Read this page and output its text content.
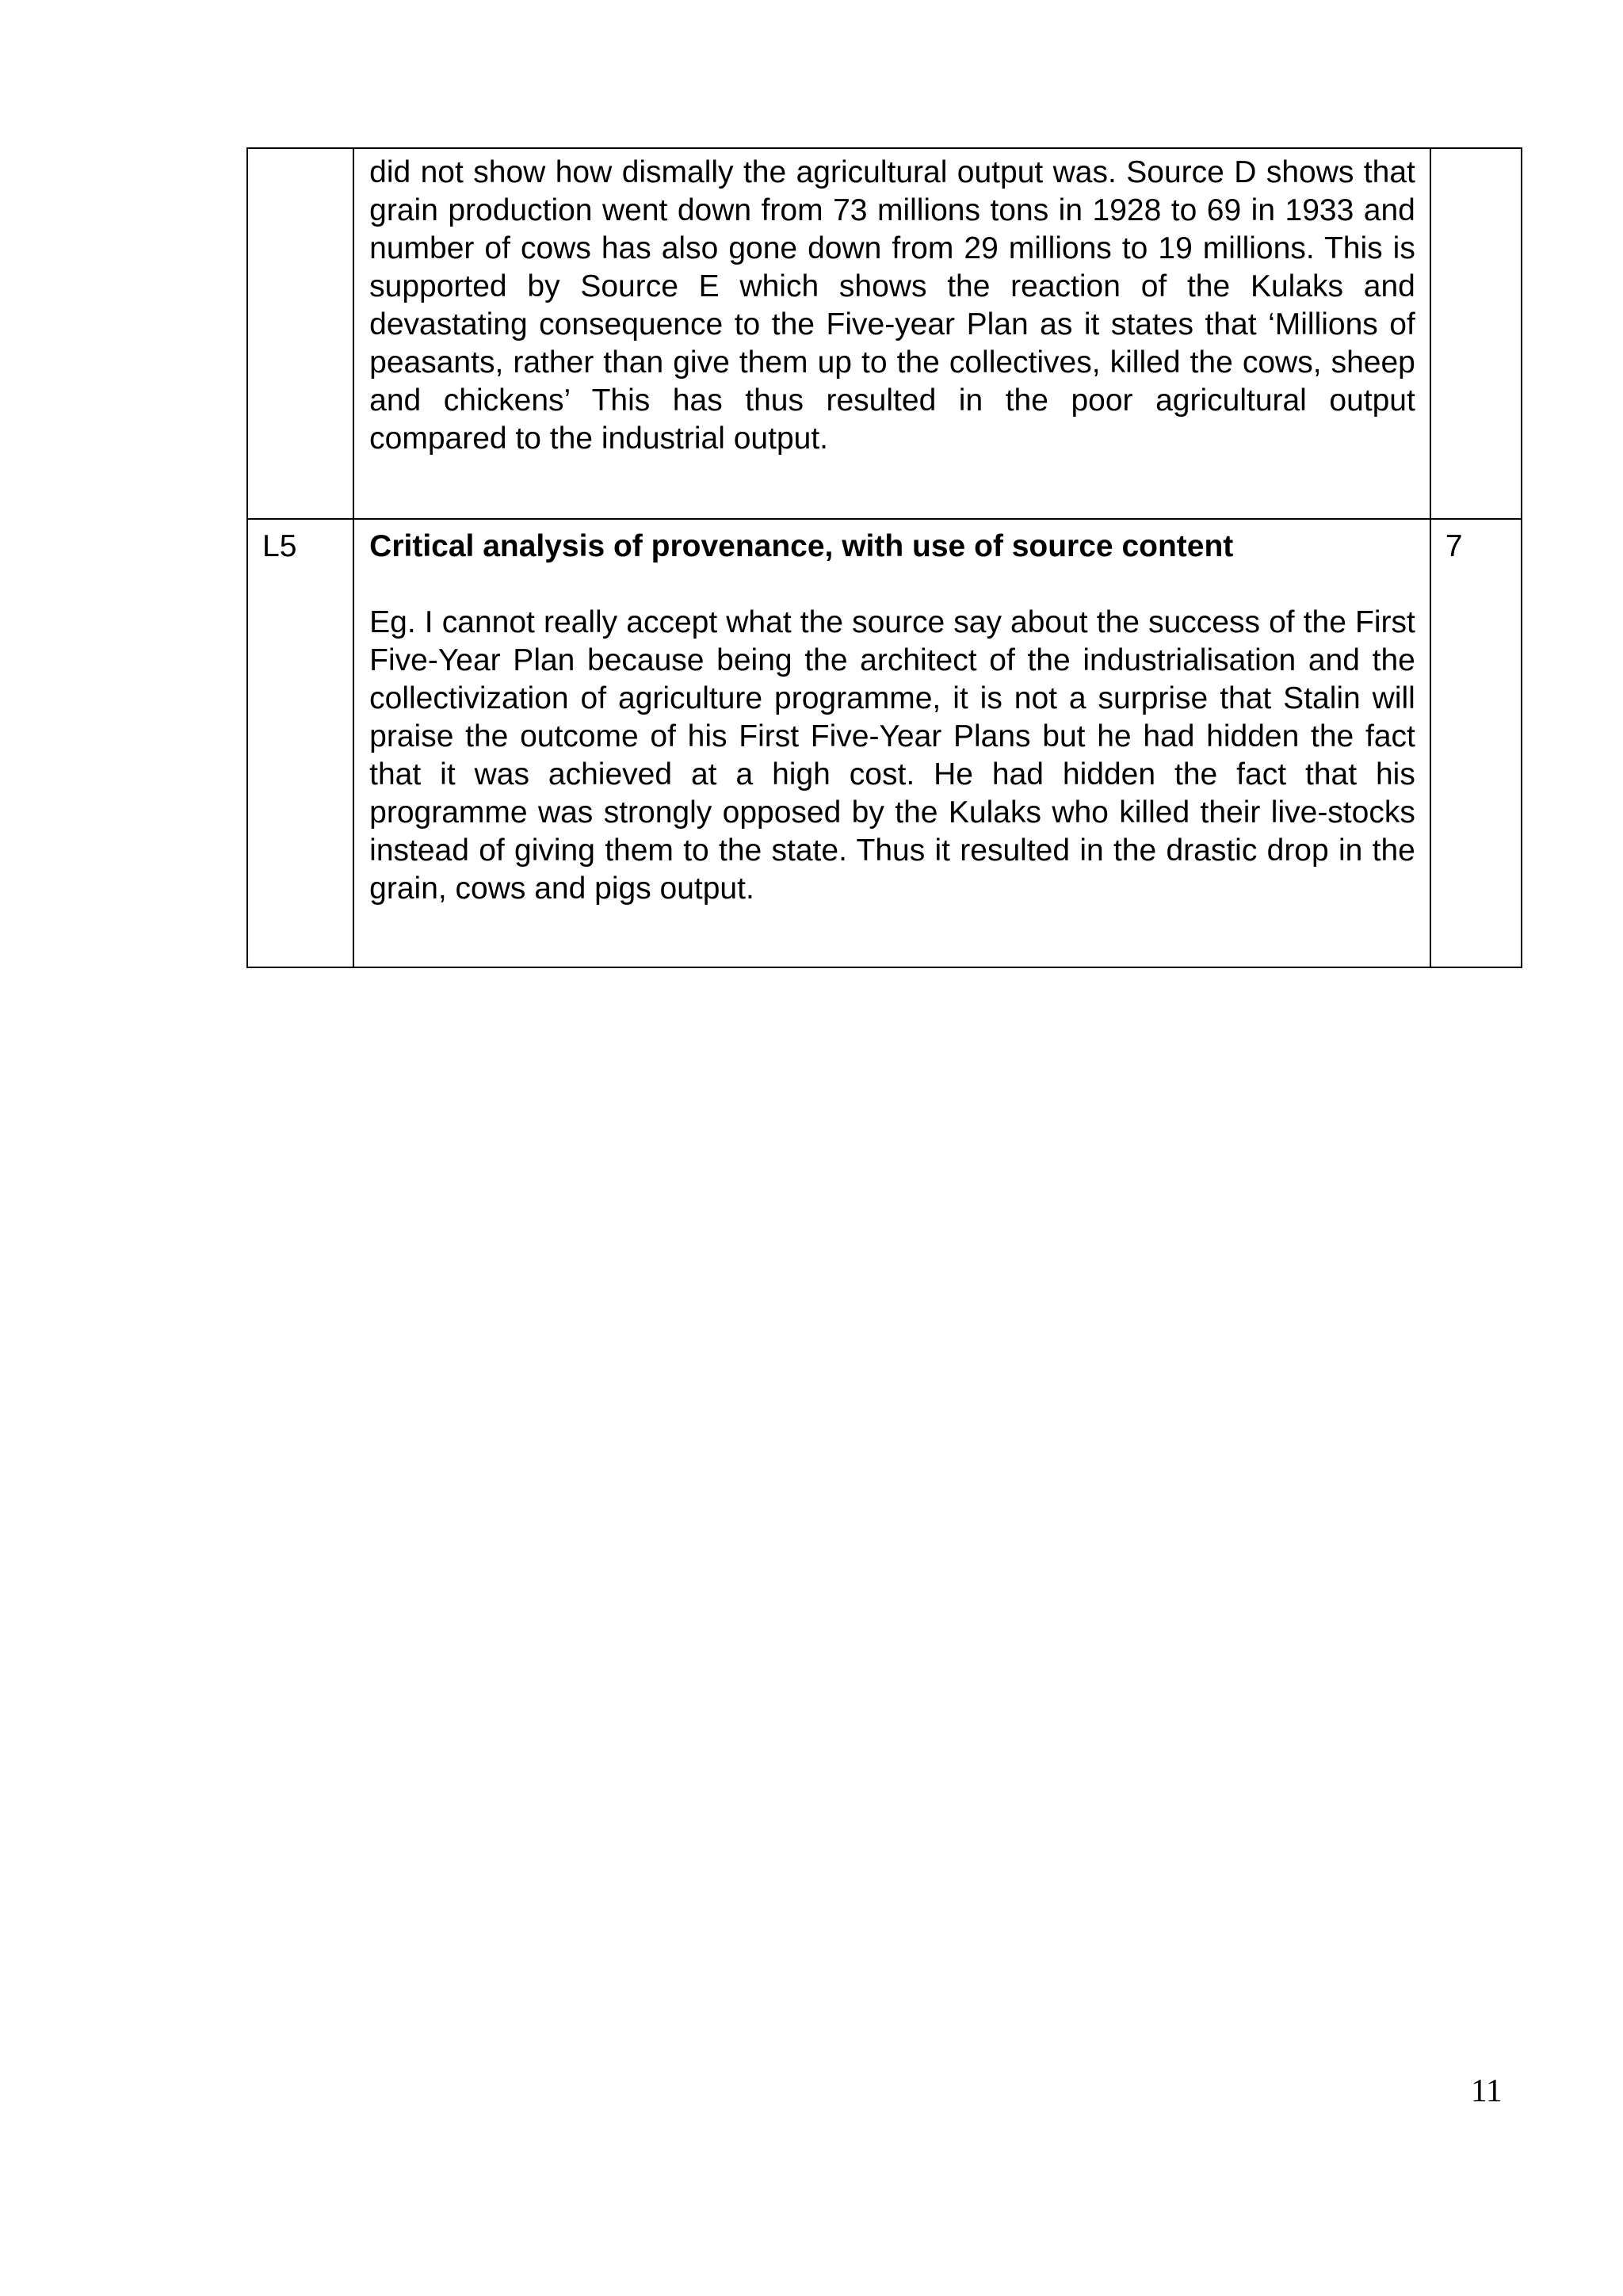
	did not show how dismally the agricultural output was. Source D shows that grain production went down from 73 millions tons in 1928 to 69 in 1933 and number of cows has also gone down from 29 millions to 19 millions. This is supported by Source E which shows the reaction of the Kulaks and devastating consequence to the Five-year Plan as it states that ‘Millions of peasants, rather than give them up to the collectives, killed the cows, sheep and chickens’ This has thus resulted in the poor agricultural output compared to the industrial output.	

L5	Critical analysis of provenance, with use of source content

Eg. I cannot really accept what the source say about the success of the First Five-Year Plan because being the architect of the industrialisation and the collectivization of agriculture programme, it is not a surprise that Stalin will praise the outcome of his First Five-Year Plans but he had hidden the fact that it was achieved at a high cost. He had hidden the fact that his programme was strongly opposed by the Kulaks who killed their live-stocks instead of giving them to the state. Thus it resulted in the drastic drop in the grain, cows and pigs output.	7
11
